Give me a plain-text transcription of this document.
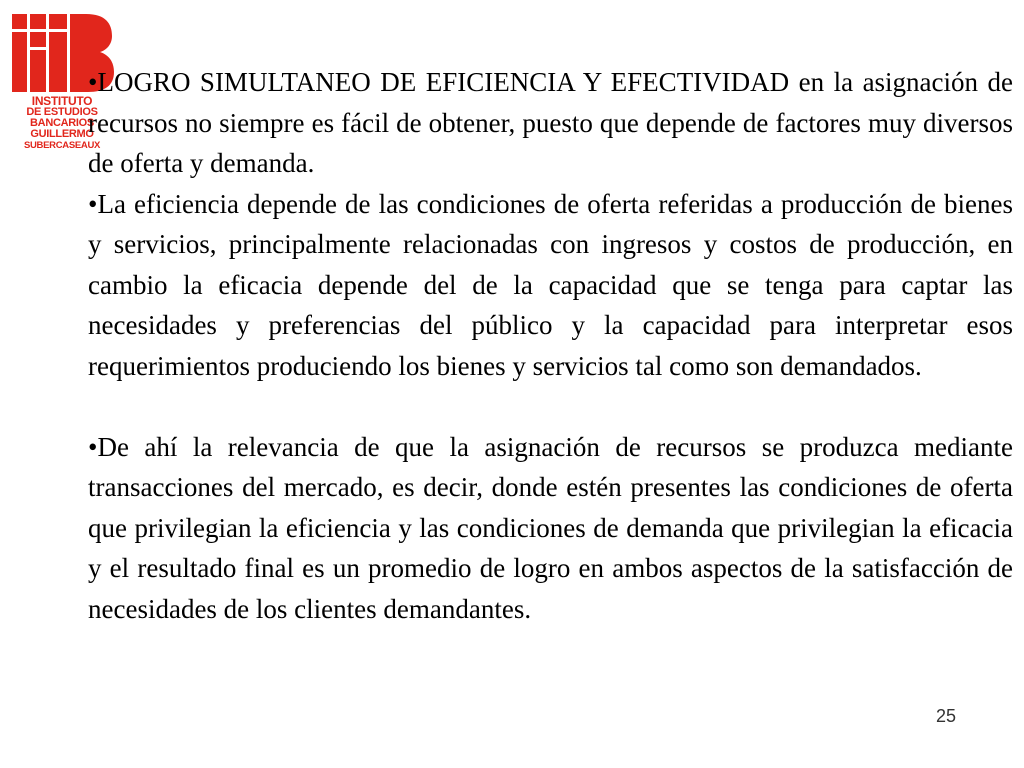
INSTITUTO
DE ESTUDIOS
BANCARIOS
GUILLERMO
SUBERCASEAUX

•LOGRO SIMULTANEO DE EFICIENCIA Y EFECTIVIDAD en la asignación de recursos no siempre es fácil de obtener, puesto que depende de factores muy diversos de oferta y demanda.

•La eficiencia depende de las condiciones de oferta referidas a producción de bienes y servicios, principalmente relacionadas con ingresos y costos de producción, en cambio la eficacia depende del de la capacidad que se tenga para captar las necesidades y preferencias del público y la capacidad para interpretar esos requerimientos produciendo los bienes y servicios tal como son demandados.

•De ahí la relevancia de que la asignación de recursos se produzca mediante transacciones del mercado, es decir, donde estén presentes las condiciones de oferta que privilegian la eficiencia y las condiciones de demanda que privilegian la eficacia y el resultado final es un promedio de logro en ambos aspectos de la satisfacción de necesidades de los clientes demandantes.

25
